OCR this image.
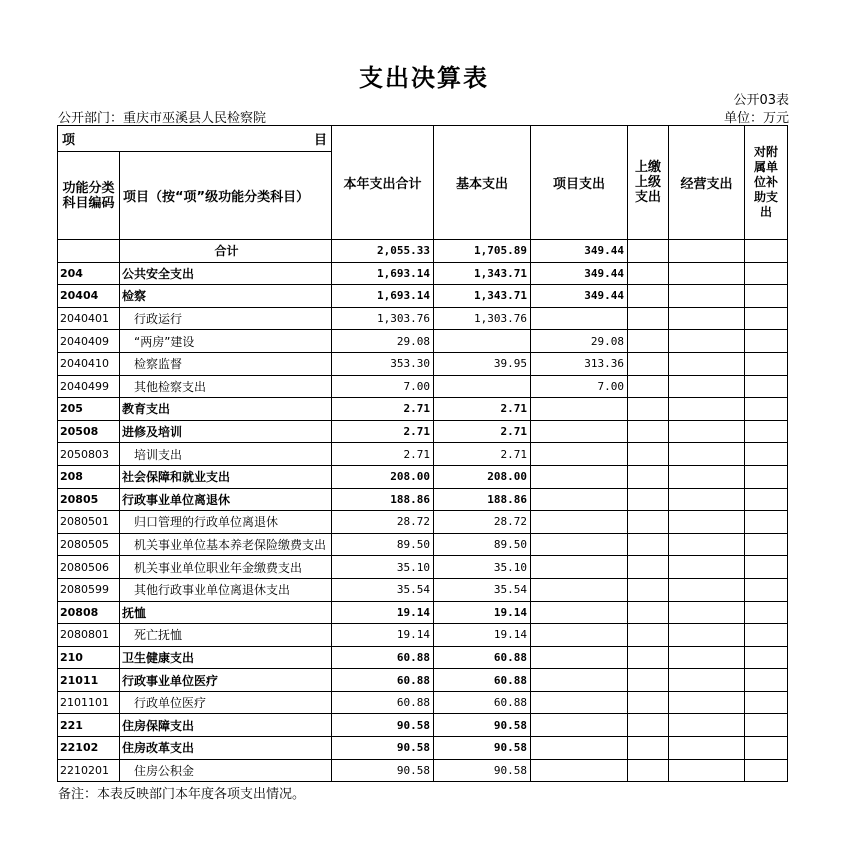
支出决算表
公开03表
公开部门：重庆市巫溪县人民检察院	单位：万元
项 目		本年支出合计	基本支出	项目支出	上缴上级支出	经营支出	对附属单位补助支出
功能分类科目编码	项目（按“项”级功能分类科目）						
	合计	2,055.33	1,705.89	349.44			
204	公共安全支出	1,693.14	1,343.71	349.44			
20404	检察	1,693.14	1,343.71	349.44			
2040401	行政运行	1,303.76	1,303.76				
2040409	“两房”建设	29.08		29.08			
2040410	检察监督	353.30	39.95	313.36			
2040499	其他检察支出	7.00		7.00			
205	教育支出	2.71	2.71				
20508	进修及培训	2.71	2.71				
2050803	培训支出	2.71	2.71				
208	社会保障和就业支出	208.00	208.00				
20805	行政事业单位离退休	188.86	188.86				
2080501	归口管理的行政单位离退休	28.72	28.72				
2080505	机关事业单位基本养老保险缴费支出	89.50	89.50				
2080506	机关事业单位职业年金缴费支出	35.10	35.10				
2080599	其他行政事业单位离退休支出	35.54	35.54				
20808	抚恤	19.14	19.14				
2080801	死亡抚恤	19.14	19.14				
210	卫生健康支出	60.88	60.88				
21011	行政事业单位医疗	60.88	60.88				
2101101	行政单位医疗	60.88	60.88				
221	住房保障支出	90.58	90.58				
22102	住房改革支出	90.58	90.58				
2210201	住房公积金	90.58	90.58				
备注：本表反映部门本年度各项支出情况。
